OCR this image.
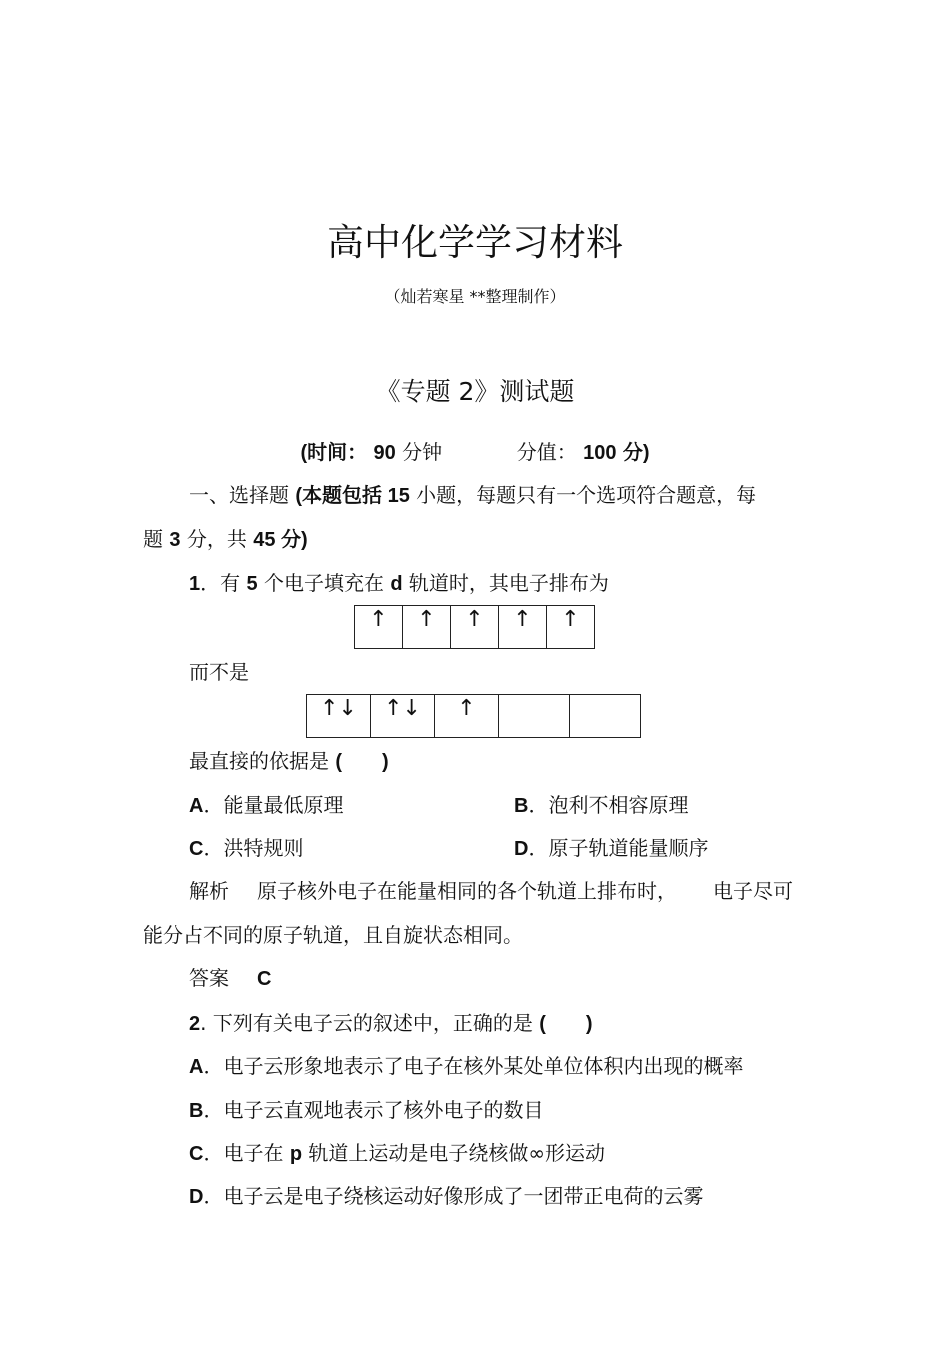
高中化学学习材料
（灿若寒星 **整理制作）
《专题 2》测试题
(时间： 90 分钟	分值： 100 分)
一、选择题 (本题包括 15 小题，每题只有一个选项符合题意，每
题 3 分，共 45 分)
1．有 5 个电子填充在 d 轨道时，其电子排布为
↑	↑	↑	↑	↑
而不是
↑↓	↑↓	↑		
最直接的依据是 (　　)
A．能量最低原理	B．泡利不相容原理
C．洪特规则	D．原子轨道能量顺序
解析 原子核外电子在能量相同的各个轨道上排布时， 电子尽可
能分占不同的原子轨道，且自旋状态相同。
答案 C
2. 下列有关电子云的叙述中，正确的是 (　　)
A．电子云形象地表示了电子在核外某处单位体积内出现的概率
B．电子云直观地表示了核外电子的数目
C．电子在 p 轨道上运动是电子绕核做∞形运动
D．电子云是电子绕核运动好像形成了一团带正电荷的云雾
